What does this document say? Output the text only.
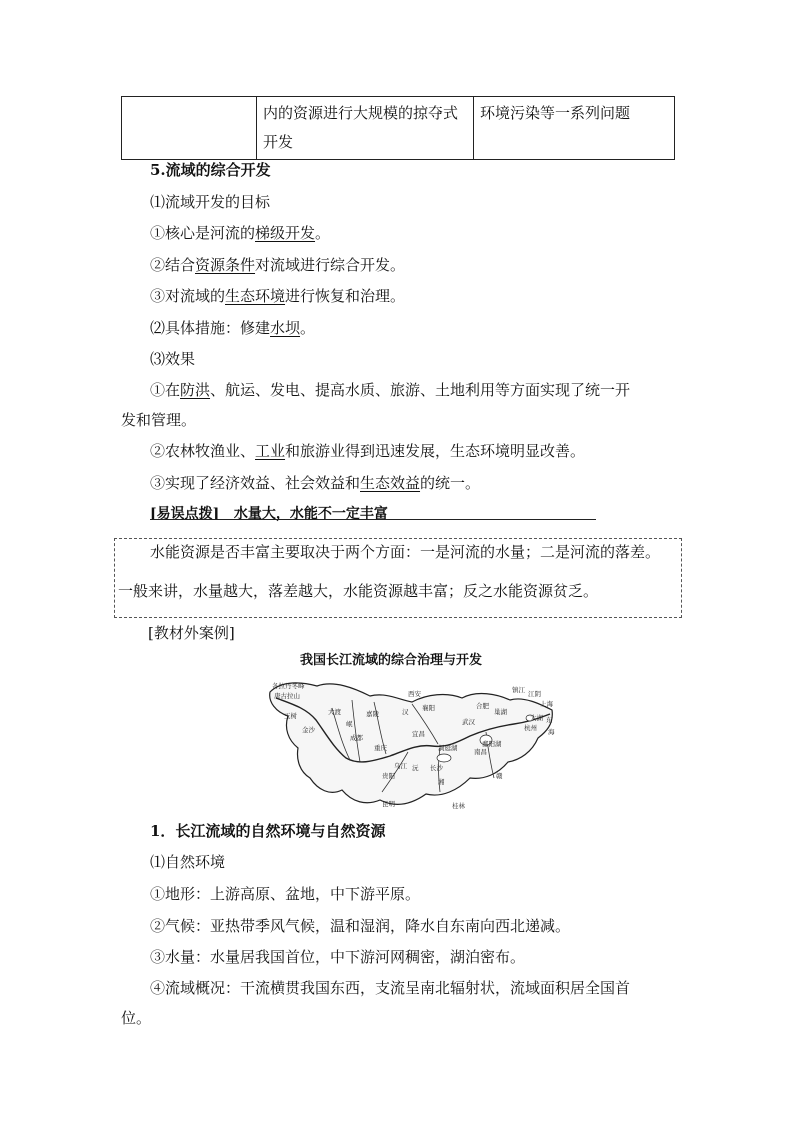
	内的资源进行大规模的掠夺式开发	环境污染等一系列问题
5.流域的综合开发
⑴流域开发的目标
①核心是河流的梯级开发。
②结合资源条件对流域进行综合开发。
③对流域的生态环境进行恢复和治理。
⑵具体措施：修建水坝。
⑶效果
①在防洪、航运、发电、提高水质、旅游、土地利用等方面实现了统一开
发和管理。
②农林牧渔业、工业和旅游业得到迅速发展，生态环境明显改善。
③实现了经济效益、社会效益和生态效益的统一。
[易误点拨] 水量大，水能不一定丰富
水能资源是否丰富主要取决于两个方面：一是河流的水量；二是河流的落差。
一般来讲，水量越大，落差越大，水能资源越丰富；反之水能资源贫乏。
[教材外案例]
我国长江流域的综合治理与开发
各拉丹冬峰
唐古拉山
玉树
金沙
大渡
岷
嘉陵	汉
西安
襄阳
宜昌
武汉
合肥
镇江 江阴
上海
杭州
南昌
长沙
重庆
成都
贵阳
昆明	桂林
湘
赣
沅
乌江
洞庭湖	鄱阳湖
巢湖
太湖 东
海
1．长江流域的自然环境与自然资源
⑴自然环境
①地形：上游高原、盆地，中下游平原。
②气候：亚热带季风气候，温和湿润，降水自东南向西北递减。
③水量：水量居我国首位，中下游河网稠密，湖泊密布。
④流域概况：干流横贯我国东西，支流呈南北辐射状，流域面积居全国首
位。
